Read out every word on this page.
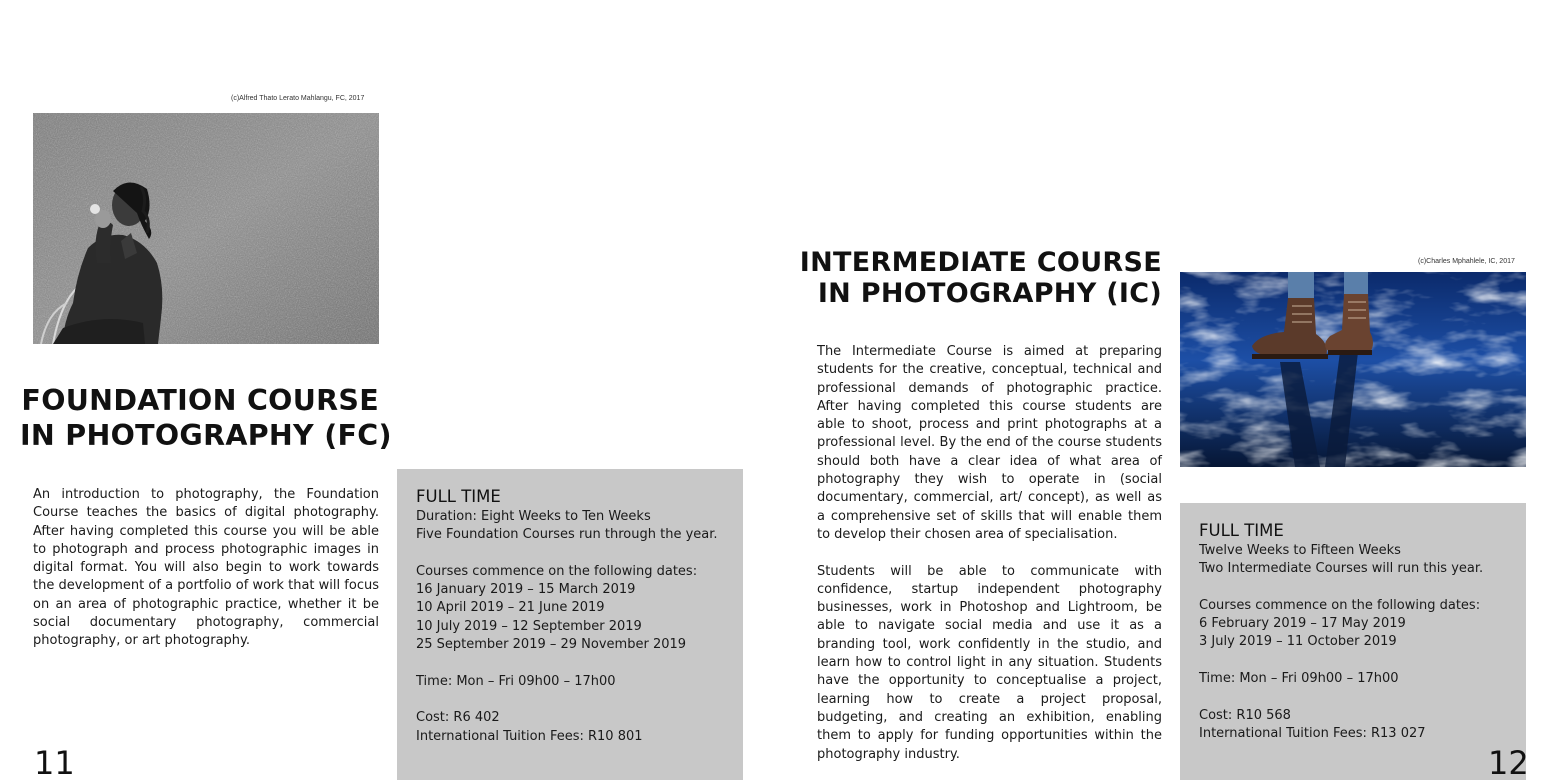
(c)Alfred Thato Lerato Mahlangu, FC, 2017
FOUNDATION COURSE
IN PHOTOGRAPHY (FC)

An introduction to photography, the Foundation Course teaches the basics of digital photography. After having completed this course you will be able to photograph and process photographic images in digital format. You will also begin to work towards the development of a portfolio of work that will focus on an area of photographic practice, whether it be social documentary photography, commercial photography, or art photography.

FULL TIME
Duration: Eight Weeks to Ten Weeks
Five Foundation Courses run through the year.
Courses commence on the following dates:
16 January 2019 – 15 March 2019
10 April 2019 – 21 June 2019
10 July 2019 – 12 September 2019
25 September 2019 – 29 November 2019
Time: Mon – Fri 09h00 – 17h00
Cost: R6 402
International Tuition Fees: R10 801
11
INTERMEDIATE COURSE
IN PHOTOGRAPHY (IC)

The Intermediate Course is aimed at preparing students for the creative, conceptual, technical and professional demands of photographic practice. After having completed this course students are able to shoot, process and print photographs at a professional level. By the end of the course students should both have a clear idea of what area of photography they wish to operate in (social documentary, commercial, art/ concept), as well as a comprehensive set of skills that will enable them to develop their chosen area of specialisation.

Students will be able to communicate with confidence, startup independent photography businesses, work in Photoshop and Lightroom, be able to navigate social media and use it as a branding tool, work confidently in the studio, and learn how to control light in any situation. Students have the opportunity to conceptualise a project, learning how to create a project proposal, budgeting, and creating an exhibition, enabling them to apply for funding opportunities within the photography industry.

(c)Charles Mphahlele, IC, 2017
FULL TIME
Twelve Weeks to Fifteen Weeks
Two Intermediate Courses will run this year.
Courses commence on the following dates:
6 February 2019 – 17 May 2019
3 July 2019 – 11 October 2019
Time: Mon – Fri 09h00 – 17h00
Cost: R10 568
International Tuition Fees: R13 027
12
